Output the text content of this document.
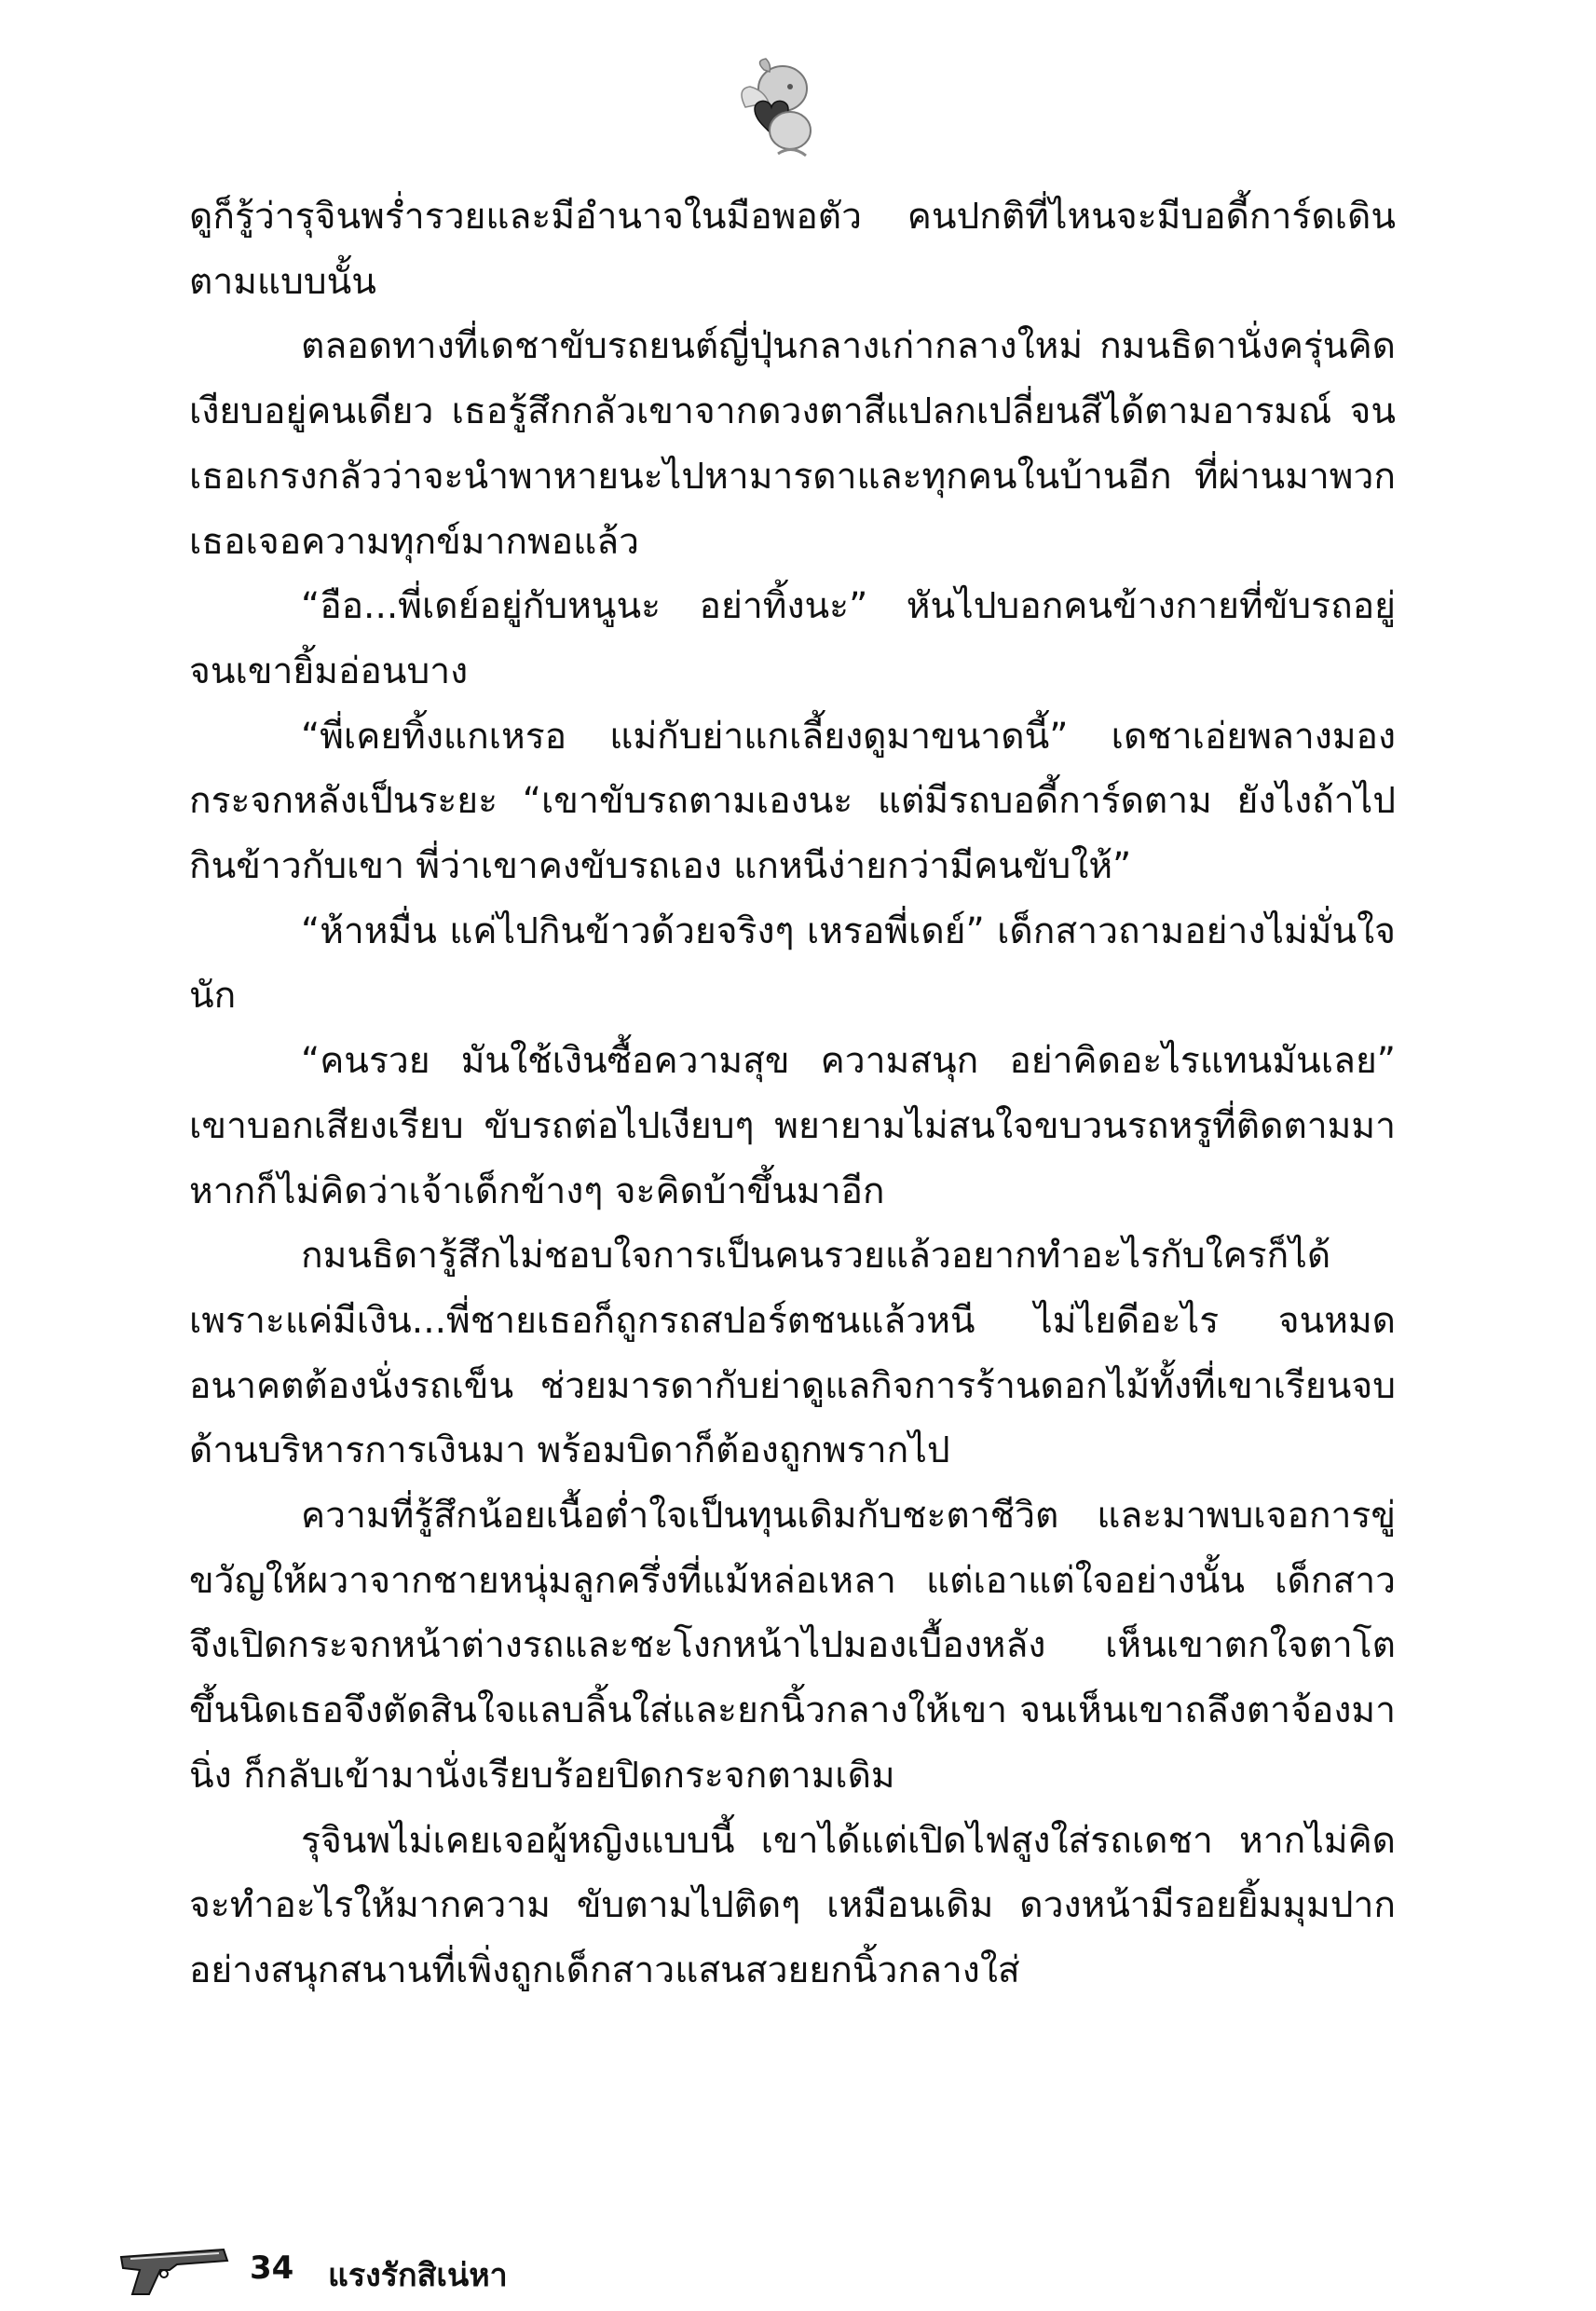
ดูก็รู้ว่ารุจินพร่ำรวยและมีอำนาจในมือพอตัว คนปกติที่ไหนจะมีบอดี้การ์ดเดินตามแบบนั้น

ตลอดทางที่เดชาขับรถยนต์ญี่ปุ่นกลางเก่ากลางใหม่ กมนธิดานั่งครุ่นคิดเงียบอยู่คนเดียว เธอรู้สึกกลัวเขาจากดวงตาสีแปลกเปลี่ยนสีได้ตามอารมณ์ จนเธอเกรงกลัวว่าจะนำพาหายนะไปหามารดาและทุกคนในบ้านอีก ที่ผ่านมาพวกเธอเจอความทุกข์มากพอแล้ว

“อือ...พี่เดย์อยู่กับหนูนะ อย่าทิ้งนะ” หันไปบอกคนข้างกายที่ขับรถอยู่ จนเขายิ้มอ่อนบาง

“พี่เคยทิ้งแกเหรอ แม่กับย่าแกเลี้ยงดูมาขนาดนี้” เดชาเอ่ยพลางมองกระจกหลังเป็นระยะ “เขาขับรถตามเองนะ แต่มีรถบอดี้การ์ดตาม ยังไงถ้าไปกินข้าวกับเขา พี่ว่าเขาคงขับรถเอง แกหนีง่ายกว่ามีคนขับให้”

“ห้าหมื่น แค่ไปกินข้าวด้วยจริงๆ เหรอพี่เดย์” เด็กสาวถามอย่างไม่มั่นใจนัก

“คนรวย มันใช้เงินซื้อความสุข ความสนุก อย่าคิดอะไรแทนมันเลย” เขาบอกเสียงเรียบ ขับรถต่อไปเงียบๆ พยายามไม่สนใจขบวนรถหรูที่ติดตามมา หากก็ไม่คิดว่าเจ้าเด็กข้างๆ จะคิดบ้าขึ้นมาอีก

กมนธิดารู้สึกไม่ชอบใจการเป็นคนรวยแล้วอยากทำอะไรกับใครก็ได้ เพราะแค่มีเงิน...พี่ชายเธอก็ถูกรถสปอร์ตชนแล้วหนี ไม่ไยดีอะไร จนหมดอนาคตต้องนั่งรถเข็น ช่วยมารดากับย่าดูแลกิจการร้านดอกไม้ทั้งที่เขาเรียนจบด้านบริหารการเงินมา พร้อมบิดาก็ต้องถูกพรากไป

ความที่รู้สึกน้อยเนื้อต่ำใจเป็นทุนเดิมกับชะตาชีวิต และมาพบเจอการขู่ขวัญให้ผวาจากชายหนุ่มลูกครึ่งที่แม้หล่อเหลา แต่เอาแต่ใจอย่างนั้น เด็กสาวจึงเปิดกระจกหน้าต่างรถและชะโงกหน้าไปมองเบื้องหลัง เห็นเขาตกใจตาโตขึ้นนิดเธอจึงตัดสินใจแลบลิ้นใส่และยกนิ้วกลางให้เขา จนเห็นเขาถลึงตาจ้องมานิ่ง ก็กลับเข้ามานั่งเรียบร้อยปิดกระจกตามเดิม

รุจินพไม่เคยเจอผู้หญิงแบบนี้ เขาได้แต่เปิดไฟสูงใส่รถเดชา หากไม่คิดจะทำอะไรให้มากความ ขับตามไปติดๆ เหมือนเดิม ดวงหน้ามีรอยยิ้มมุมปากอย่างสนุกสนานที่เพิ่งถูกเด็กสาวแสนสวยยกนิ้วกลางใส่

34 แรงรักสิเน่หา
